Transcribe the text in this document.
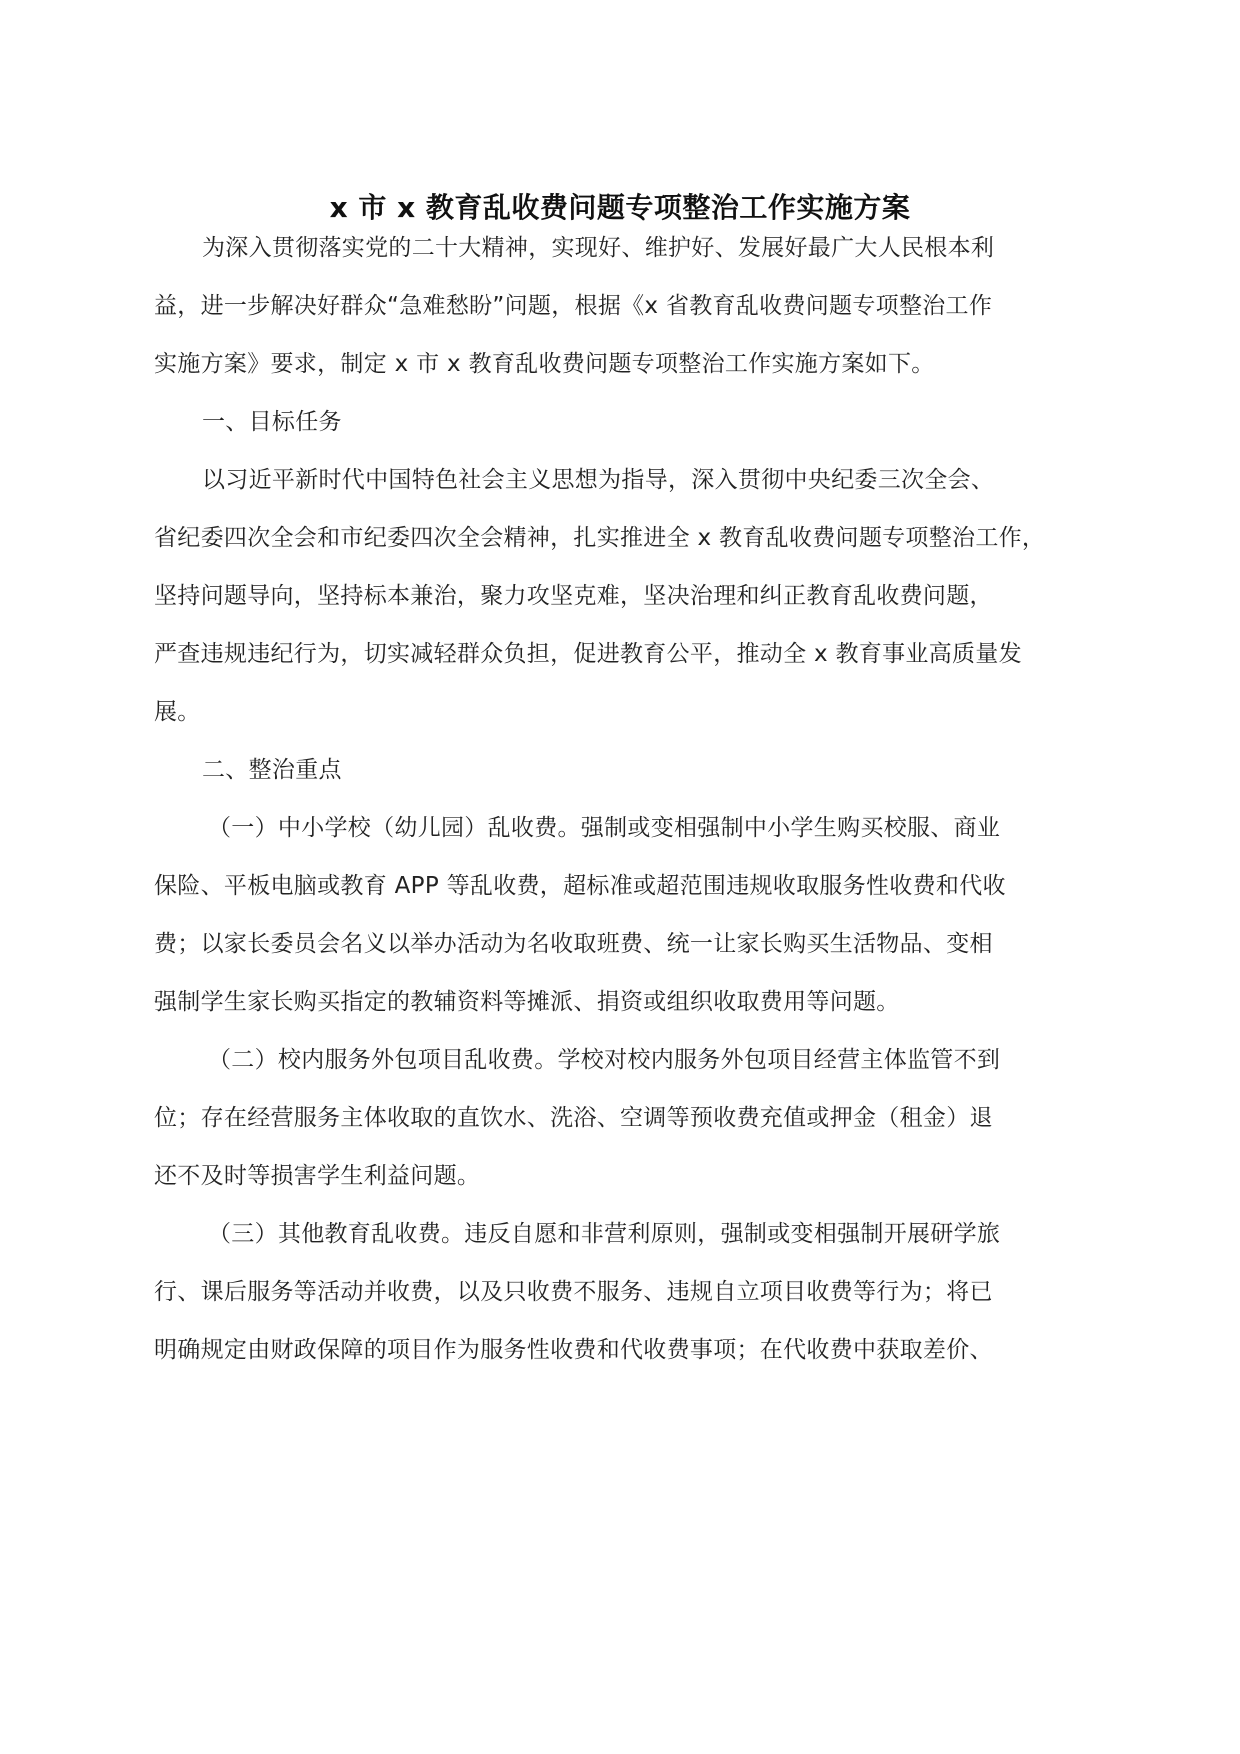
x 市 x 教育乱收费问题专项整治工作实施方案
为深入贯彻落实党的二十大精神，实现好、维护好、发展好最广大人民根本利
益，进一步解决好群众“急难愁盼”问题，根据《x 省教育乱收费问题专项整治工作
实施方案》要求，制定 x 市 x 教育乱收费问题专项整治工作实施方案如下。
一、目标任务
以习近平新时代中国特色社会主义思想为指导，深入贯彻中央纪委三次全会、
省纪委四次全会和市纪委四次全会精神，扎实推进全 x 教育乱收费问题专项整治工作，
坚持问题导向，坚持标本兼治，聚力攻坚克难，坚决治理和纠正教育乱收费问题，
严查违规违纪行为，切实减轻群众负担，促进教育公平，推动全 x 教育事业高质量发
展。
二、整治重点
（一）中小学校（幼儿园）乱收费。强制或变相强制中小学生购买校服、商业
保险、平板电脑或教育 APP 等乱收费，超标准或超范围违规收取服务性收费和代收
费；以家长委员会名义以举办活动为名收取班费、统一让家长购买生活物品、变相
强制学生家长购买指定的教辅资料等摊派、捐资或组织收取费用等问题。
（二）校内服务外包项目乱收费。学校对校内服务外包项目经营主体监管不到
位；存在经营服务主体收取的直饮水、洗浴、空调等预收费充值或押金（租金）退
还不及时等损害学生利益问题。
（三）其他教育乱收费。违反自愿和非营利原则，强制或变相强制开展研学旅
行、课后服务等活动并收费，以及只收费不服务、违规自立项目收费等行为；将已
明确规定由财政保障的项目作为服务性收费和代收费事项；在代收费中获取差价、
